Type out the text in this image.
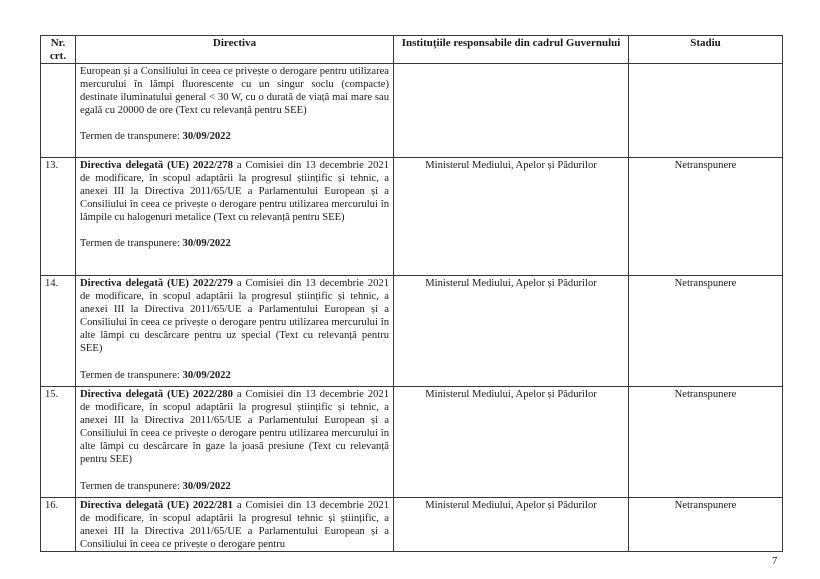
Nr. crt.	Directiva	Instituțiile responsabile din cadrul Guvernului	Stadiu
	European și a Consiliului în ceea ce privește o derogare pentru utilizarea mercurului în lămpi fluorescente cu un singur soclu (compacte) destinate iluminatului general < 30 W, cu o durată de viață mai mare sau egală cu 20000 de ore (Text cu relevanță pentru SEE)
Termen de transpunere: 30/09/2022		

13.	Directiva delegată (UE) 2022/278 a Comisiei din 13 decembrie 2021 de modificare, în scopul adaptării la progresul științific și tehnic, a anexei III la Directiva 2011/65/UE a Parlamentului European și a Consiliului în ceea ce privește o derogare pentru utilizarea mercurului în lămpile cu halogenuri metalice (Text cu relevanță pentru SEE)
Termen de transpunere: 30/09/2022	Ministerul Mediului, Apelor și Pădurilor	Netranspunere
14.	Directiva delegată (UE) 2022/279 a Comisiei din 13 decembrie 2021 de modificare, în scopul adaptării la progresul științific și tehnic, a anexei III la Directiva 2011/65/UE a Parlamentului European și a Consiliului în ceea ce privește o derogare pentru utilizarea mercurului în alte lămpi cu descărcare pentru uz special (Text cu relevanță pentru SEE)
Termen de transpunere: 30/09/2022	Ministerul Mediului, Apelor și Pădurilor	Netranspunere
15.	Directiva delegată (UE) 2022/280 a Comisiei din 13 decembrie 2021 de modificare, în scopul adaptării la progresul științific și tehnic, a anexei III la Directiva 2011/65/UE a Parlamentului European și a Consiliului în ceea ce privește o derogare pentru utilizarea mercurului în alte lămpi cu descărcare în gaze la joasă presiune (Text cu relevanță pentru SEE)
Termen de transpunere: 30/09/2022	Ministerul Mediului, Apelor și Pădurilor	Netranspunere
16.	Directiva delegată (UE) 2022/281 a Comisiei din 13 decembrie 2021 de modificare, în scopul adaptării la progresul tehnic și științific, a anexei III la Directiva 2011/65/UE a Parlamentului European și a Consiliului în ceea ce privește o derogare pentru	Ministerul Mediului, Apelor și Pădurilor	Netranspunere
7
